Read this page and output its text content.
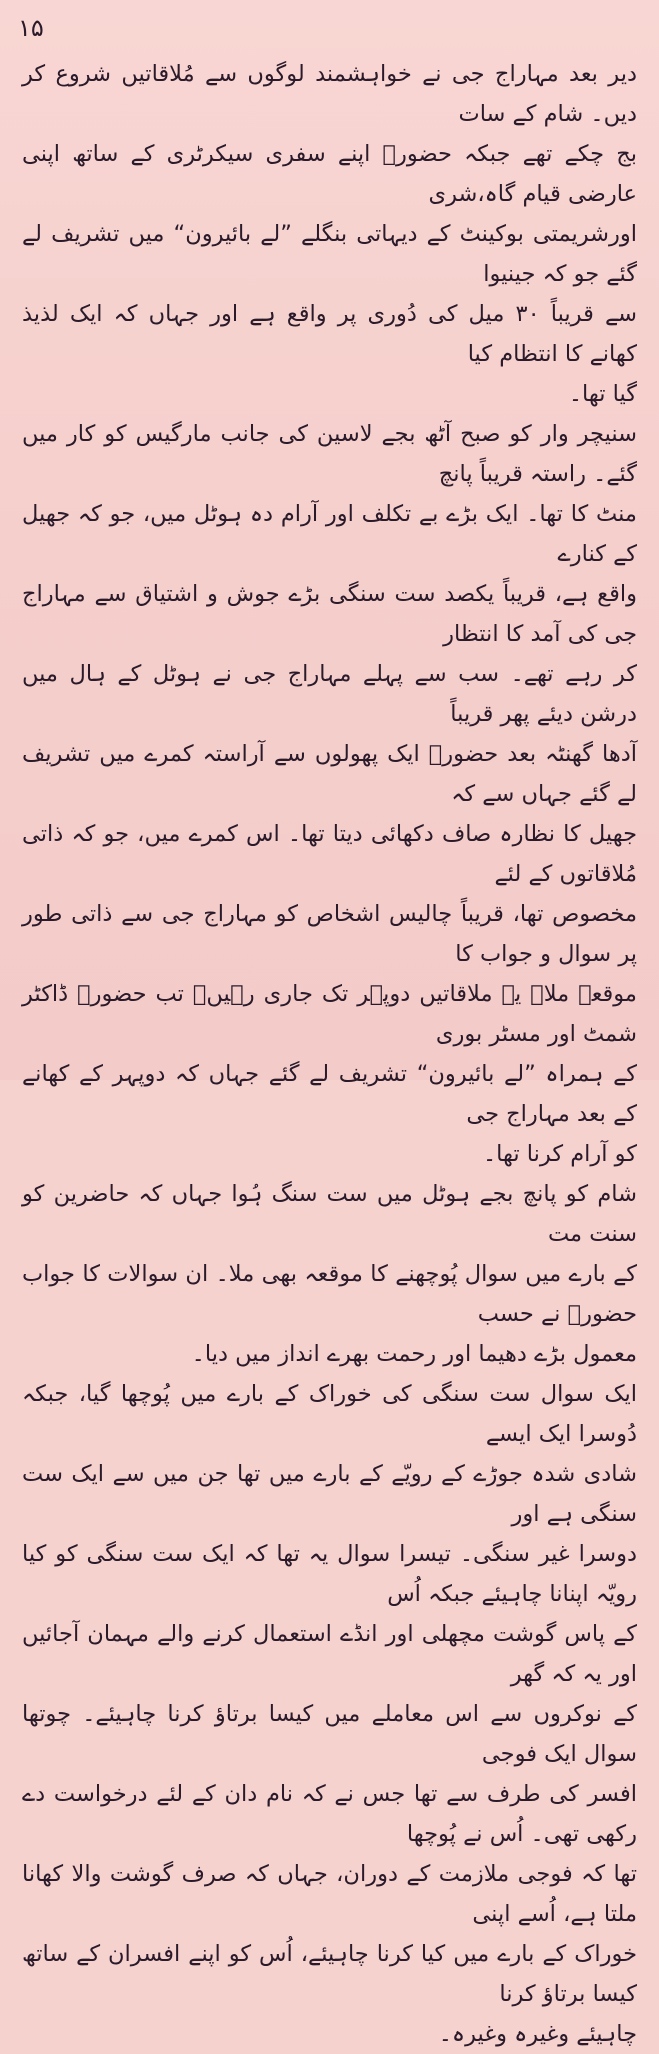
۱۵

دیر بعد مہاراج جی نے خواہشمند لوگوں سے مُلاقاتیں شروع کر دیں۔ شام کے سات
بج چکے تھے جبکہ حضورؐ اپنے سفری سیکرٹری کے ساتھ اپنی عارضی قیام گاہ،شری
اورشریمتی بوکینٹ کے دیہاتی بنگلے ”لے بائیرون“ میں تشریف لے گئے جو کہ جینیوا
سے قریباً ۳۰ میل کی دُوری پر واقع ہے اور جہاں کہ ایک لذیذ کھانے کا انتظام کیا
گیا تھا۔

سنیچر وار کو صبح آٹھ بجے لاسین کی جانب مارگیس کو کار میں گئے۔ راستہ قریباً پانچ
منٹ کا تھا۔ ایک بڑے بے تکلف اور آرام دہ ہوٹل میں، جو کہ جھیل کے کنارے
واقع ہے، قریباً یکصد ست سنگی بڑے جوش و اشتیاق سے مہاراج جی کی آمد کا انتظار
کر رہے تھے۔ سب سے پہلے مہاراج جی نے ہوٹل کے ہال میں درشن دیئے پھر قریباً
آدھا گھنٹہ بعد حضورؐ ایک پھولوں سے آراستہ کمرے میں تشریف لے گئے جہاں سے کہ
جھیل کا نظارہ صاف دکھائی دیتا تھا۔ اس کمرے میں، جو کہ ذاتی مُلاقاتوں کے لئے
مخصوص تھا، قریباً چالیس اشخاص کو مہاراج جی سے ذاتی طور پر سوال و جواب کا
موقعہ ملا۔ یہ ملاقاتیں دوپہر تک جاری رہیں۔ تب حضورؐ ڈاکٹر شمٹ اور مسٹر بوری
کے ہمراہ ”لے بائیرون“ تشریف لے گئے جہاں کہ دوپہر کے کھانے کے بعد مہاراج جی
کو آرام کرنا تھا۔

شام کو پانچ بجے ہوٹل میں ست سنگ ہُوا جہاں کہ حاضرین کو سنت مت
کے بارے میں سوال پُوچھنے کا موقعہ بھی ملا۔ ان سوالات کا جواب حضورؐ نے حسب
معمول بڑے دھیما اور رحمت بھرے انداز میں دیا۔

ایک سوال ست سنگی کی خوراک کے بارے میں پُوچھا گیا، جبکہ دُوسرا ایک ایسے
شادی شدہ جوڑے کے رویّے کے بارے میں تھا جن میں سے ایک ست سنگی ہے اور
دوسرا غیر سنگی۔ تیسرا سوال یہ تھا کہ ایک ست سنگی کو کیا رویّہ اپنانا چاہیئے جبکہ اُس
کے پاس گوشت مچھلی اور انڈے استعمال کرنے والے مہمان آجائیں اور یہ کہ گھر
کے نوکروں سے اس معاملے میں کیسا برتاؤ کرنا چاہیئے۔ چوتھا سوال ایک فوجی
افسر کی طرف سے تھا جس نے کہ نام دان کے لئے درخواست دے رکھی تھی۔ اُس نے پُوچھا
تھا کہ فوجی ملازمت کے دوران، جہاں کہ صرف گوشت والا کھانا ملتا ہے، اُسے اپنی
خوراک کے بارے میں کیا کرنا چاہیئے، اُس کو اپنے افسران کے ساتھ کیسا برتاؤ کرنا
چاہیئے وغیرہ وغیرہ۔
